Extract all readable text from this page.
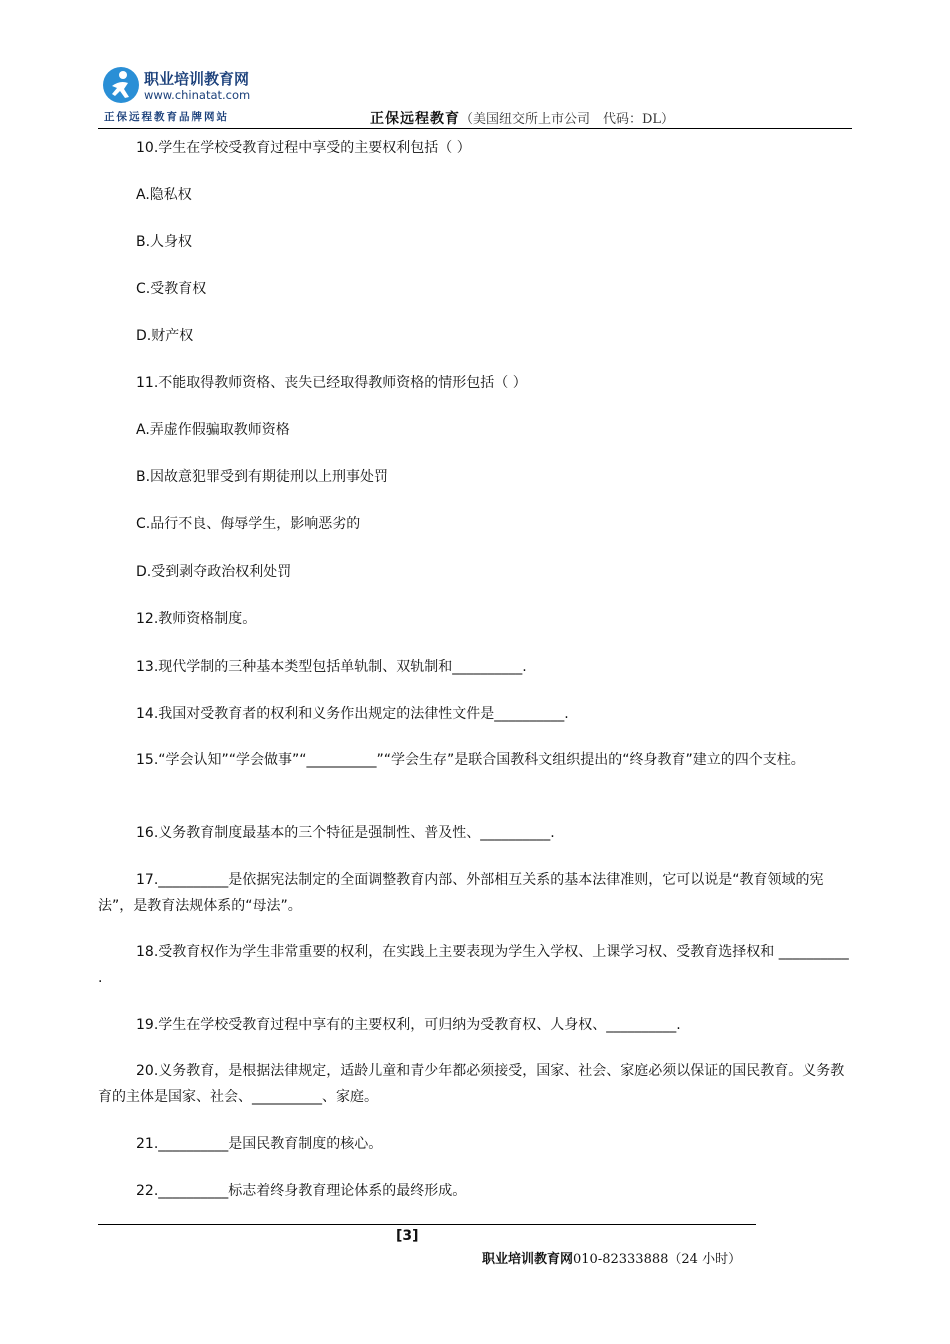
职业培训教育网
www.chinatat.com
正保远程教育品牌网站	正保远程教育（美国纽交所上市公司　代码：DL）
10.学生在学校受教育过程中享受的主要权利包括（ ）
A.隐私权
B.人身权
C.受教育权
D.财产权
11.不能取得教师资格、丧失已经取得教师资格的情形包括（ ）
A.弄虚作假骗取教师资格
B.因故意犯罪受到有期徒刑以上刑事处罚
C.品行不良、侮辱学生，影响恶劣的
D.受到剥夺政治权利处罚
12.教师资格制度。
13.现代学制的三种基本类型包括单轨制、双轨制和__________.
14.我国对受教育者的权利和义务作出规定的法律性文件是__________.
15.“学会认知”“学会做事”“__________”“学会生存”是联合国教科文组织提出的“终身教育”建立的四个支柱。
16.义务教育制度最基本的三个特征是强制性、普及性、__________.
17.__________是依据宪法制定的全面调整教育内部、外部相互关系的基本法律准则，它可以说是“教育领域的宪法”，是教育法规体系的“母法”。
18.受教育权作为学生非常重要的权利，在实践上主要表现为学生入学权、上课学习权、受教育选择权和 __________ .
19.学生在学校受教育过程中享有的主要权利，可归纳为受教育权、人身权、__________.
20.义务教育，是根据法律规定，适龄儿童和青少年都必须接受，国家、社会、家庭必须以保证的国民教育。义务教育的主体是国家、社会、__________、家庭。
21.__________是国民教育制度的核心。
22.__________标志着终身教育理论体系的最终形成。
[3]
职业培训教育网010-82333888（24 小时）
